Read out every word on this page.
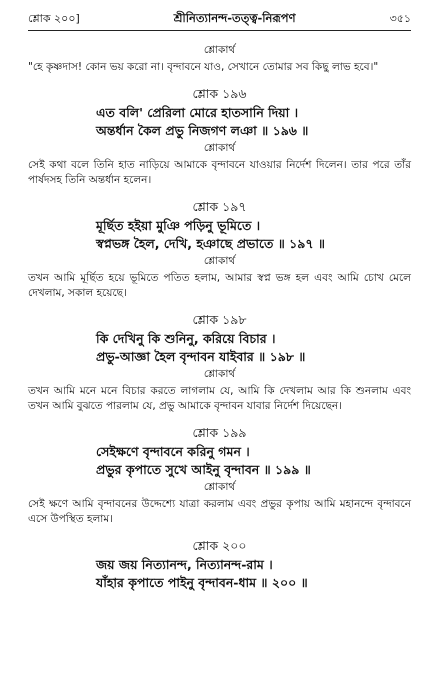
শ্লোক ২০০]	শ্রীনিত্যানন্দ-তত্ত্ব-নিরূপণ	৩৫১

শ্লোকার্থ

"হে কৃষ্ণদাস! কোন ভয় করো না। বৃন্দাবনে যাও, সেখানে তোমার সব কিছু লাভ হবে।"

শ্লোক ১৯৬

এত বলি' প্রেরিলা মোরে হাতসানি দিয়া ।
অন্তর্ধান কৈল প্রভু নিজগণ লঞা ॥ ১৯৬ ॥

শ্লোকার্থ

সেই কথা বলে তিনি হাত নাড়িয়ে আমাকে বৃন্দাবনে যাওয়ার নির্দেশ দিলেন। তার পরে তাঁর পার্ষদসহ তিনি অন্তর্ধান হলেন।

শ্লোক ১৯৭

মূর্ছিত হইয়া মুঞি পড়িনু ভূমিতে ।
স্বপ্নভঙ্গ হৈল, দেখি, হঞাছে প্রভাতে ॥ ১৯৭ ॥

শ্লোকার্থ

তখন আমি মূর্ছিত হয়ে ভূমিতে পতিত হলাম, আমার স্বপ্ন ভঙ্গ হল এবং আমি চোখ মেলে দেখলাম, সকাল হয়েছে।

শ্লোক ১৯৮

কি দেখিনু কি শুনিনু, করিয়ে বিচার ।
প্রভু-আজ্ঞা হৈল বৃন্দাবন যাইবার ॥ ১৯৮ ॥

শ্লোকার্থ

তখন আমি মনে মনে বিচার করতে লাগলাম যে, আমি কি দেখলাম আর কি শুনলাম এবং তখন আমি বুঝতে পারলাম যে, প্রভু আমাকে বৃন্দাবন যাবার নির্দেশ দিয়েছেন।

শ্লোক ১৯৯

সেইক্ষণে বৃন্দাবনে করিনু গমন ।
প্রভুর কৃপাতে সুখে আইনু বৃন্দাবন ॥ ১৯৯ ॥

শ্লোকার্থ

সেই ক্ষণে আমি বৃন্দাবনের উদ্দেশ্যে যাত্রা করলাম এবং প্রভুর কৃপায় আমি মহানন্দে বৃন্দাবনে এসে উপস্থিত হলাম।

শ্লোক ২০০

জয় জয় নিত্যানন্দ, নিত্যানন্দ-রাম ।
যাঁহার কৃপাতে পাইনু বৃন্দাবন-ধাম ॥ ২০০ ॥
